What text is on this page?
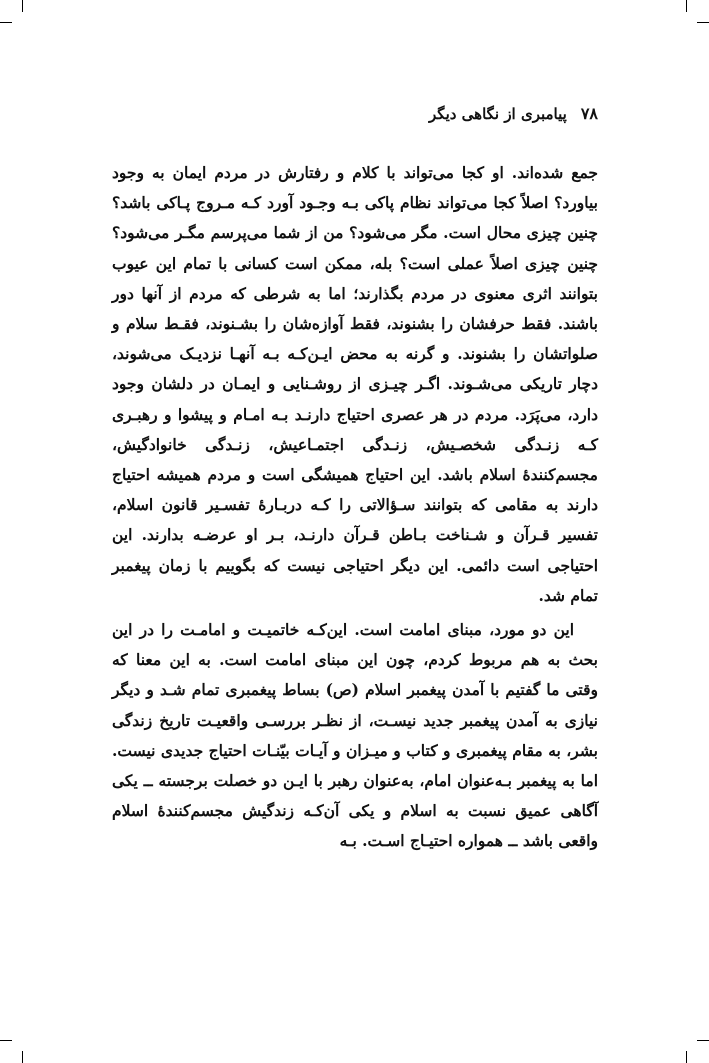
۷۸
پیامبری از نگاهی دیگر

جمع شده‌اند. او کجا می‌تواند با کلام و رفتارش در مردم ایمان به وجود بیاورد؟ اصلاً کجا می‌تواند نظام پاکی بـه وجـود آورد کـه مـروج پـاکی باشد؟ چنین چیزی محال است. مگر می‌شود؟ من از شما می‌پرسم مگـر می‌شود؟ چنین چیزی اصلاً عملی است؟ بله، ممکن است کسانی با تمام این عیوب بتوانند اثری معنوی در مردم بگذارند؛ اما به شرطی که مردم از آنها دور باشند. فقط حرفشان را بشنوند، فقط آوازه‌شان را بشـنوند، فقـط سلام و صلواتشان را بشنوند. و گرنه به محض ایـن‌کـه بـه آنهـا نزدیـک می‌شوند، دچار تاریکی می‌شـوند. اگـر چیـزی از روشـنایی و ایمـان در دلشان وجود دارد، می‌پَرَد. مردم در هر عصری احتیاج دارنـد بـه امـام و پیشوا و رهبـری کـه زنـدگی شخصـیش، زنـدگی اجتمـاعیش، زنـدگی خانوادگیش، مجسم‌کنندهٔ اسلام باشد. این احتیاج همیشگی است و مردم همیشه احتیاج دارند به مقامی که بتوانند سـؤالاتی را کـه دربـارهٔ تفسـیر قانون اسلام، تفسیر قـرآن و شـناخت بـاطن قـرآن دارنـد، بـر او عرضـه بدارند. این احتیاجی است دائمی. این دیگر احتیاجی نیست که بگوییم با زمان پیغمبر تمام شد.

این دو مورد، مبنای امامت است. این‌کـه خاتمیـت و امامـت را در این بحث به هم مربوط کردم، چون این مبنای امامت است. به این معنا که وقتی ما گفتیم با آمدن پیغمبر اسلام (ص) بساط پیغمبری تمام شـد و دیگر نیازی به آمدن پیغمبر جدید نیسـت، از نظـر بررسـی واقعیـت تاریخ زندگی بشر، به مقام پیغمبری و کتاب و میـزان و آیـات بیّنـات احتیاج جدیدی نیست. اما به پیغمبر بـه‌عنوان امام، به‌عنوان رهبر با ایـن دو خصلت برجسته ــ یکی آگاهی عمیق نسبت به اسلام و یکی آن‌کـه زندگیش مجسم‌کنندهٔ اسلام واقعی باشد ــ همواره احتیـاج اسـت. بـه
